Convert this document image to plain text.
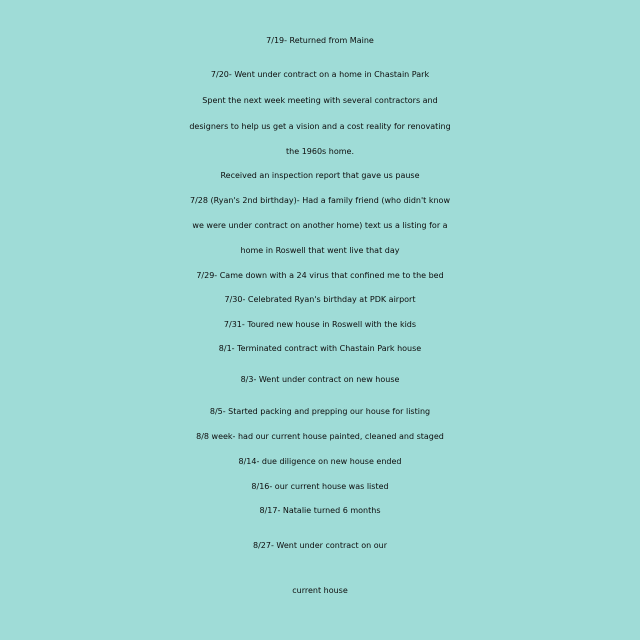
7/19- Returned from Maine
7/20- Went under contract on a home in Chastain Park
Spent the next week meeting with several contractors and
designers to help us get a vision and a cost reality for renovating
the 1960s home.
Received an inspection report that gave us pause
7/28 (Ryan's 2nd birthday)- Had a family friend (who didn't know
we were under contract on another home) text us a listing for a
home in Roswell that went live that day
7/29- Came down with a 24 virus that confined me to the bed
7/30- Celebrated Ryan's birthday at PDK airport
7/31- Toured new house in Roswell with the kids
8/1- Terminated contract with Chastain Park house
8/3- Went under contract on new house
8/5- Started packing and prepping our house for listing
8/8 week- had our current house painted, cleaned and staged
8/14- due diligence on new house ended
8/16- our current house was listed
8/17- Natalie turned 6 months
8/27- Went under contract on our
current house
